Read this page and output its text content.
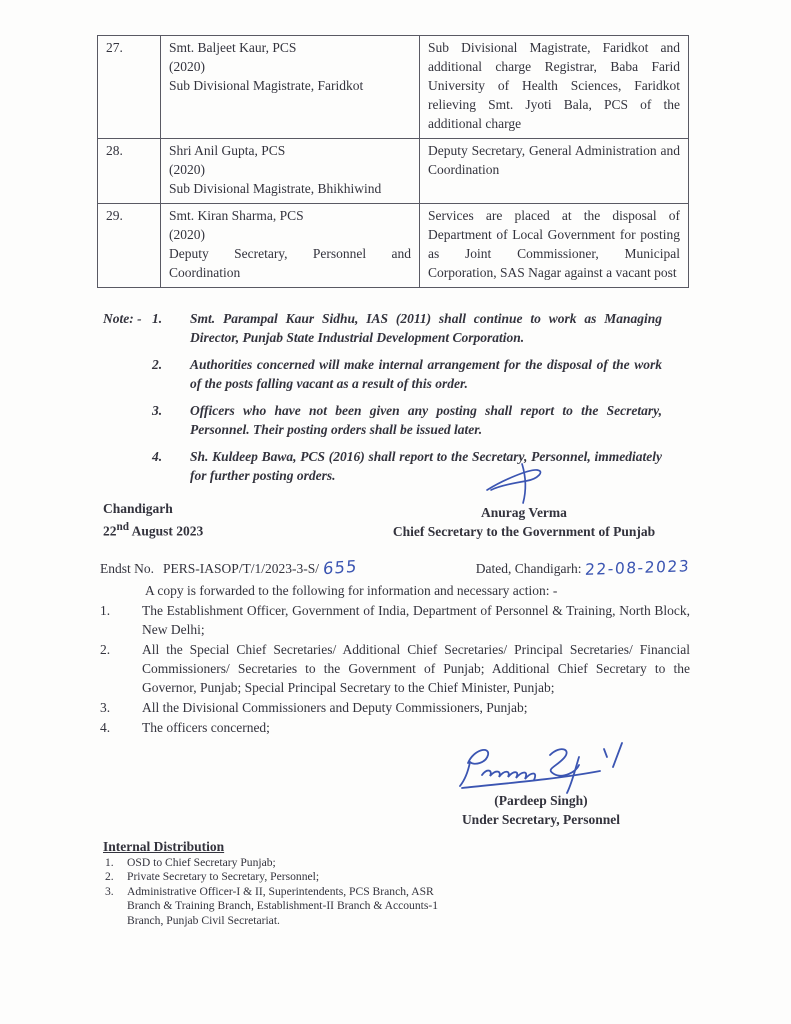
27.	Smt. Baljeet Kaur, PCS
(2020)
Sub Divisional Magistrate, Faridkot	Sub Divisional Magistrate, Faridkot and additional charge Registrar, Baba Farid University of Health Sciences, Faridkot relieving Smt. Jyoti Bala, PCS of the additional charge
28.	Shri Anil Gupta, PCS
(2020)
Sub Divisional Magistrate, Bhikhiwind	Deputy Secretary, General Administration and Coordination
29.	Smt. Kiran Sharma, PCS
(2020)
Deputy Secretary, Personnel and Coordination	Services are placed at the disposal of Department of Local Government for posting as Joint Commissioner, Municipal Corporation, SAS Nagar against a vacant post
Note: - 1.	Smt. Parampal Kaur Sidhu, IAS (2011) shall continue to work as Managing Director, Punjab State Industrial Development Corporation.
2.	Authorities concerned will make internal arrangement for the disposal of the work of the posts falling vacant as a result of this order.
3.	Officers who have not been given any posting shall report to the Secretary, Personnel. Their posting orders shall be issued later.
4.	Sh. Kuldeep Bawa, PCS (2016) shall report to the Secretary, Personnel, immediately for further posting orders.
Chandigarh
22nd August 2023
Anurag Verma
Chief Secretary to the Government of Punjab
Endst No. PERS-IASOP/T/1/2023-3-S/ 655	Dated, Chandigarh: 22-08-2023
A copy is forwarded to the following for information and necessary action: -
1.	The Establishment Officer, Government of India, Department of Personnel & Training, North Block, New Delhi;
2.	All the Special Chief Secretaries/ Additional Chief Secretaries/ Principal Secretaries/ Financial Commissioners/ Secretaries to the Government of Punjab; Additional Chief Secretary to the Governor, Punjab; Special Principal Secretary to the Chief Minister, Punjab;
3.	All the Divisional Commissioners and Deputy Commissioners, Punjab;
4.	The officers concerned;
(Pardeep Singh)
Under Secretary, Personnel
Internal Distribution
1.	OSD to Chief Secretary Punjab;
2.	Private Secretary to Secretary, Personnel;
3.	Administrative Officer-I & II, Superintendents, PCS Branch, ASR Branch & Training Branch, Establishment-II Branch & Accounts-1 Branch, Punjab Civil Secretariat.
